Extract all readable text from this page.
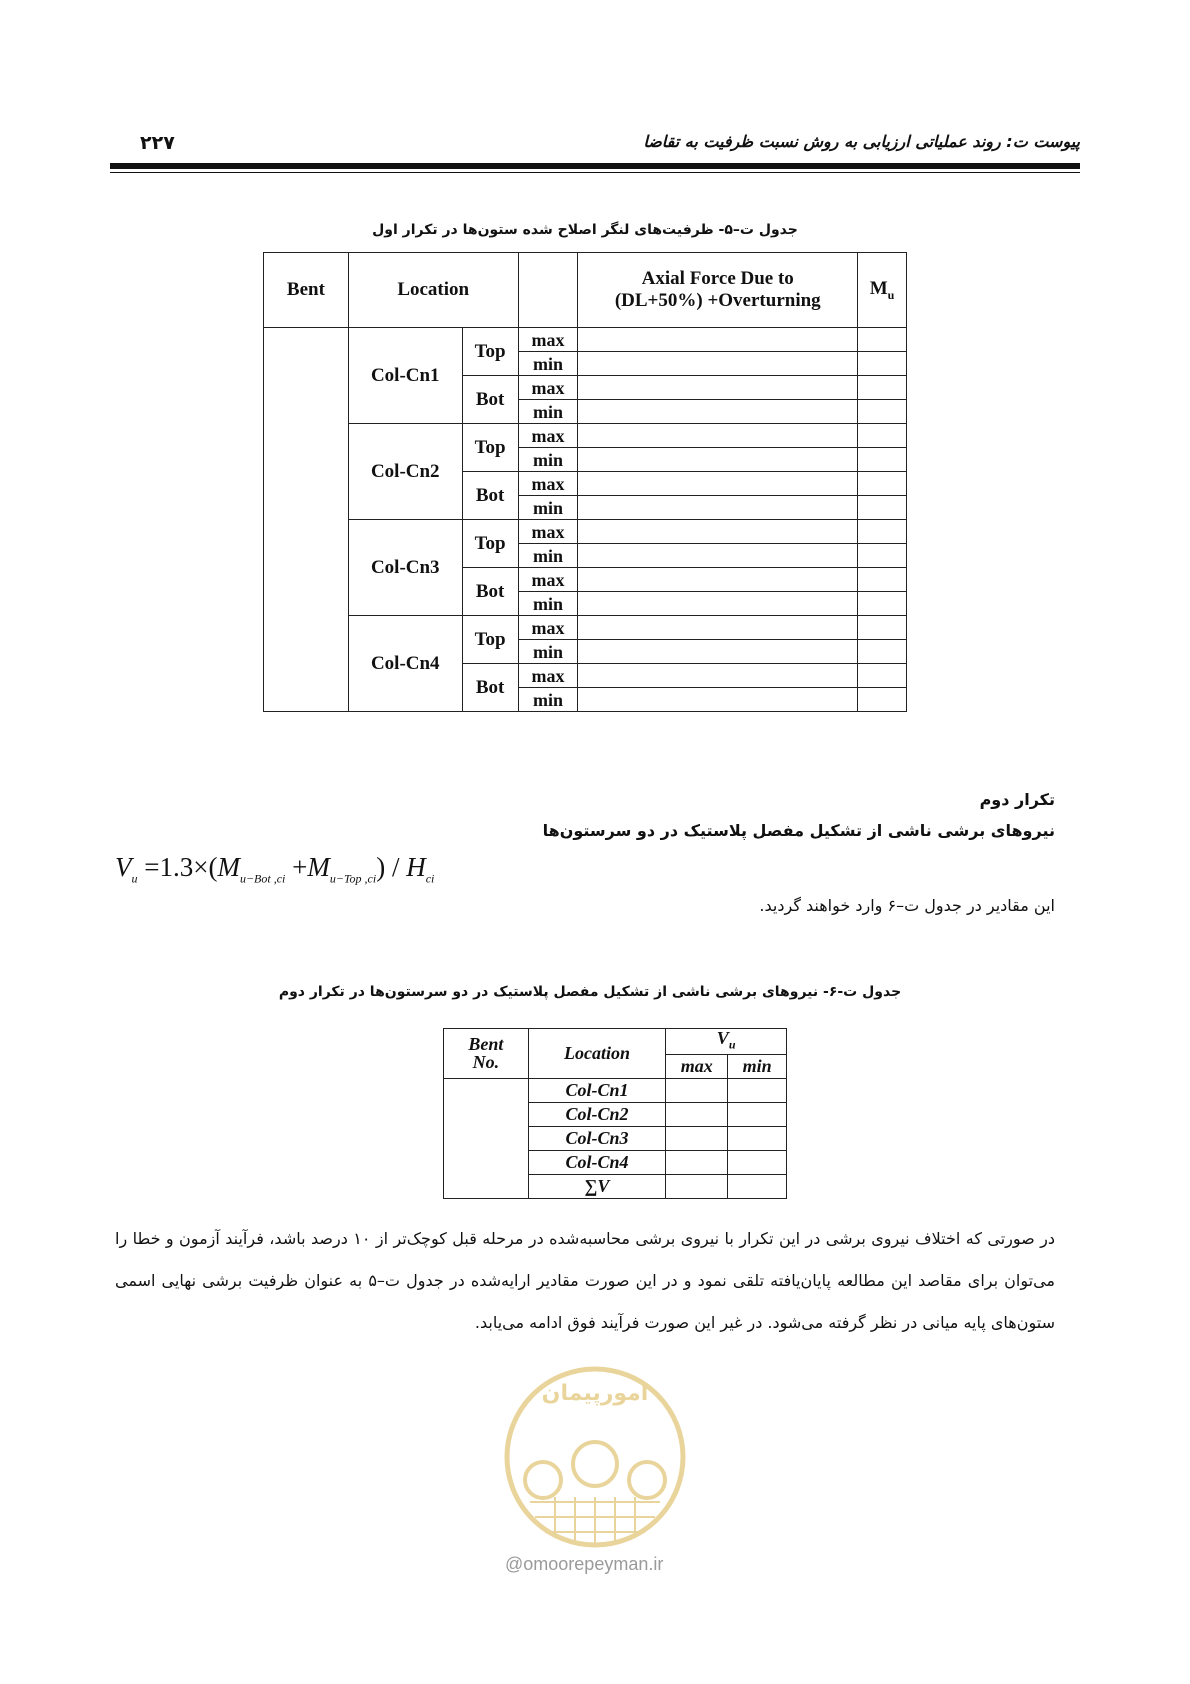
۲۲۷	پیوست ت: روند عملیاتی ارزیابی به روش نسبت ظرفیت به تقاضا
جدول ت–۵- ظرفیت‌های لنگر اصلاح شده ستون‌ها در تکرار اول
Bent	Location			Axial Force Due to
(DL+50%) +Overturning	$M_u$
	Col-Cn1	Top	max		
			min		
		Bot	max		
			min		
	Col-Cn2	Top	max		
			min		
		Bot	max		
			min		
	Col-Cn3	Top	max		
			min		
		Bot	max		
			min		
	Col-Cn4	Top	max		
			min		
		Bot	max		
			min		
تکرار دوم
نیروهای برشی ناشی از تشکیل مفصل پلاستیک در دو سرستون‌ها
$V_u =1.3\times(M_{u-Bot ,ci} +M_{u-Top ,ci}) / H_{ci}$
این مقادیر در جدول ت–۶ وارد خواهند گردید.
جدول ت-۶- نیروهای برشی ناشی از تشکیل مفصل پلاستیک در دو سرستون‌ها در تکرار دوم
Bent
No.	Location	$V_u$
		max	min
	Col-Cn1		
	Col-Cn2		
	Col-Cn3		
	Col-Cn4		
	∑V		
در صورتی که اختلاف نیروی برشی در این تکرار با نیروی برشی محاسبه‌شده در مرحله قبل کوچک‌تر از ۱۰ درصد باشد، فرآیند آزمون و خطا را می‌توان برای مقاصد این مطالعه پایان‌یافته تلقی نمود و در این صورت مقادیر ارایه‌شده در جدول ت–۵ به عنوان ظرفیت برشی نهایی اسمی ستون‌های پایه میانی در نظر گرفته می‌شود. در غیر این صورت فرآیند فوق ادامه می‌یابد.
امورپیمان
@omoorepeyman.ir
